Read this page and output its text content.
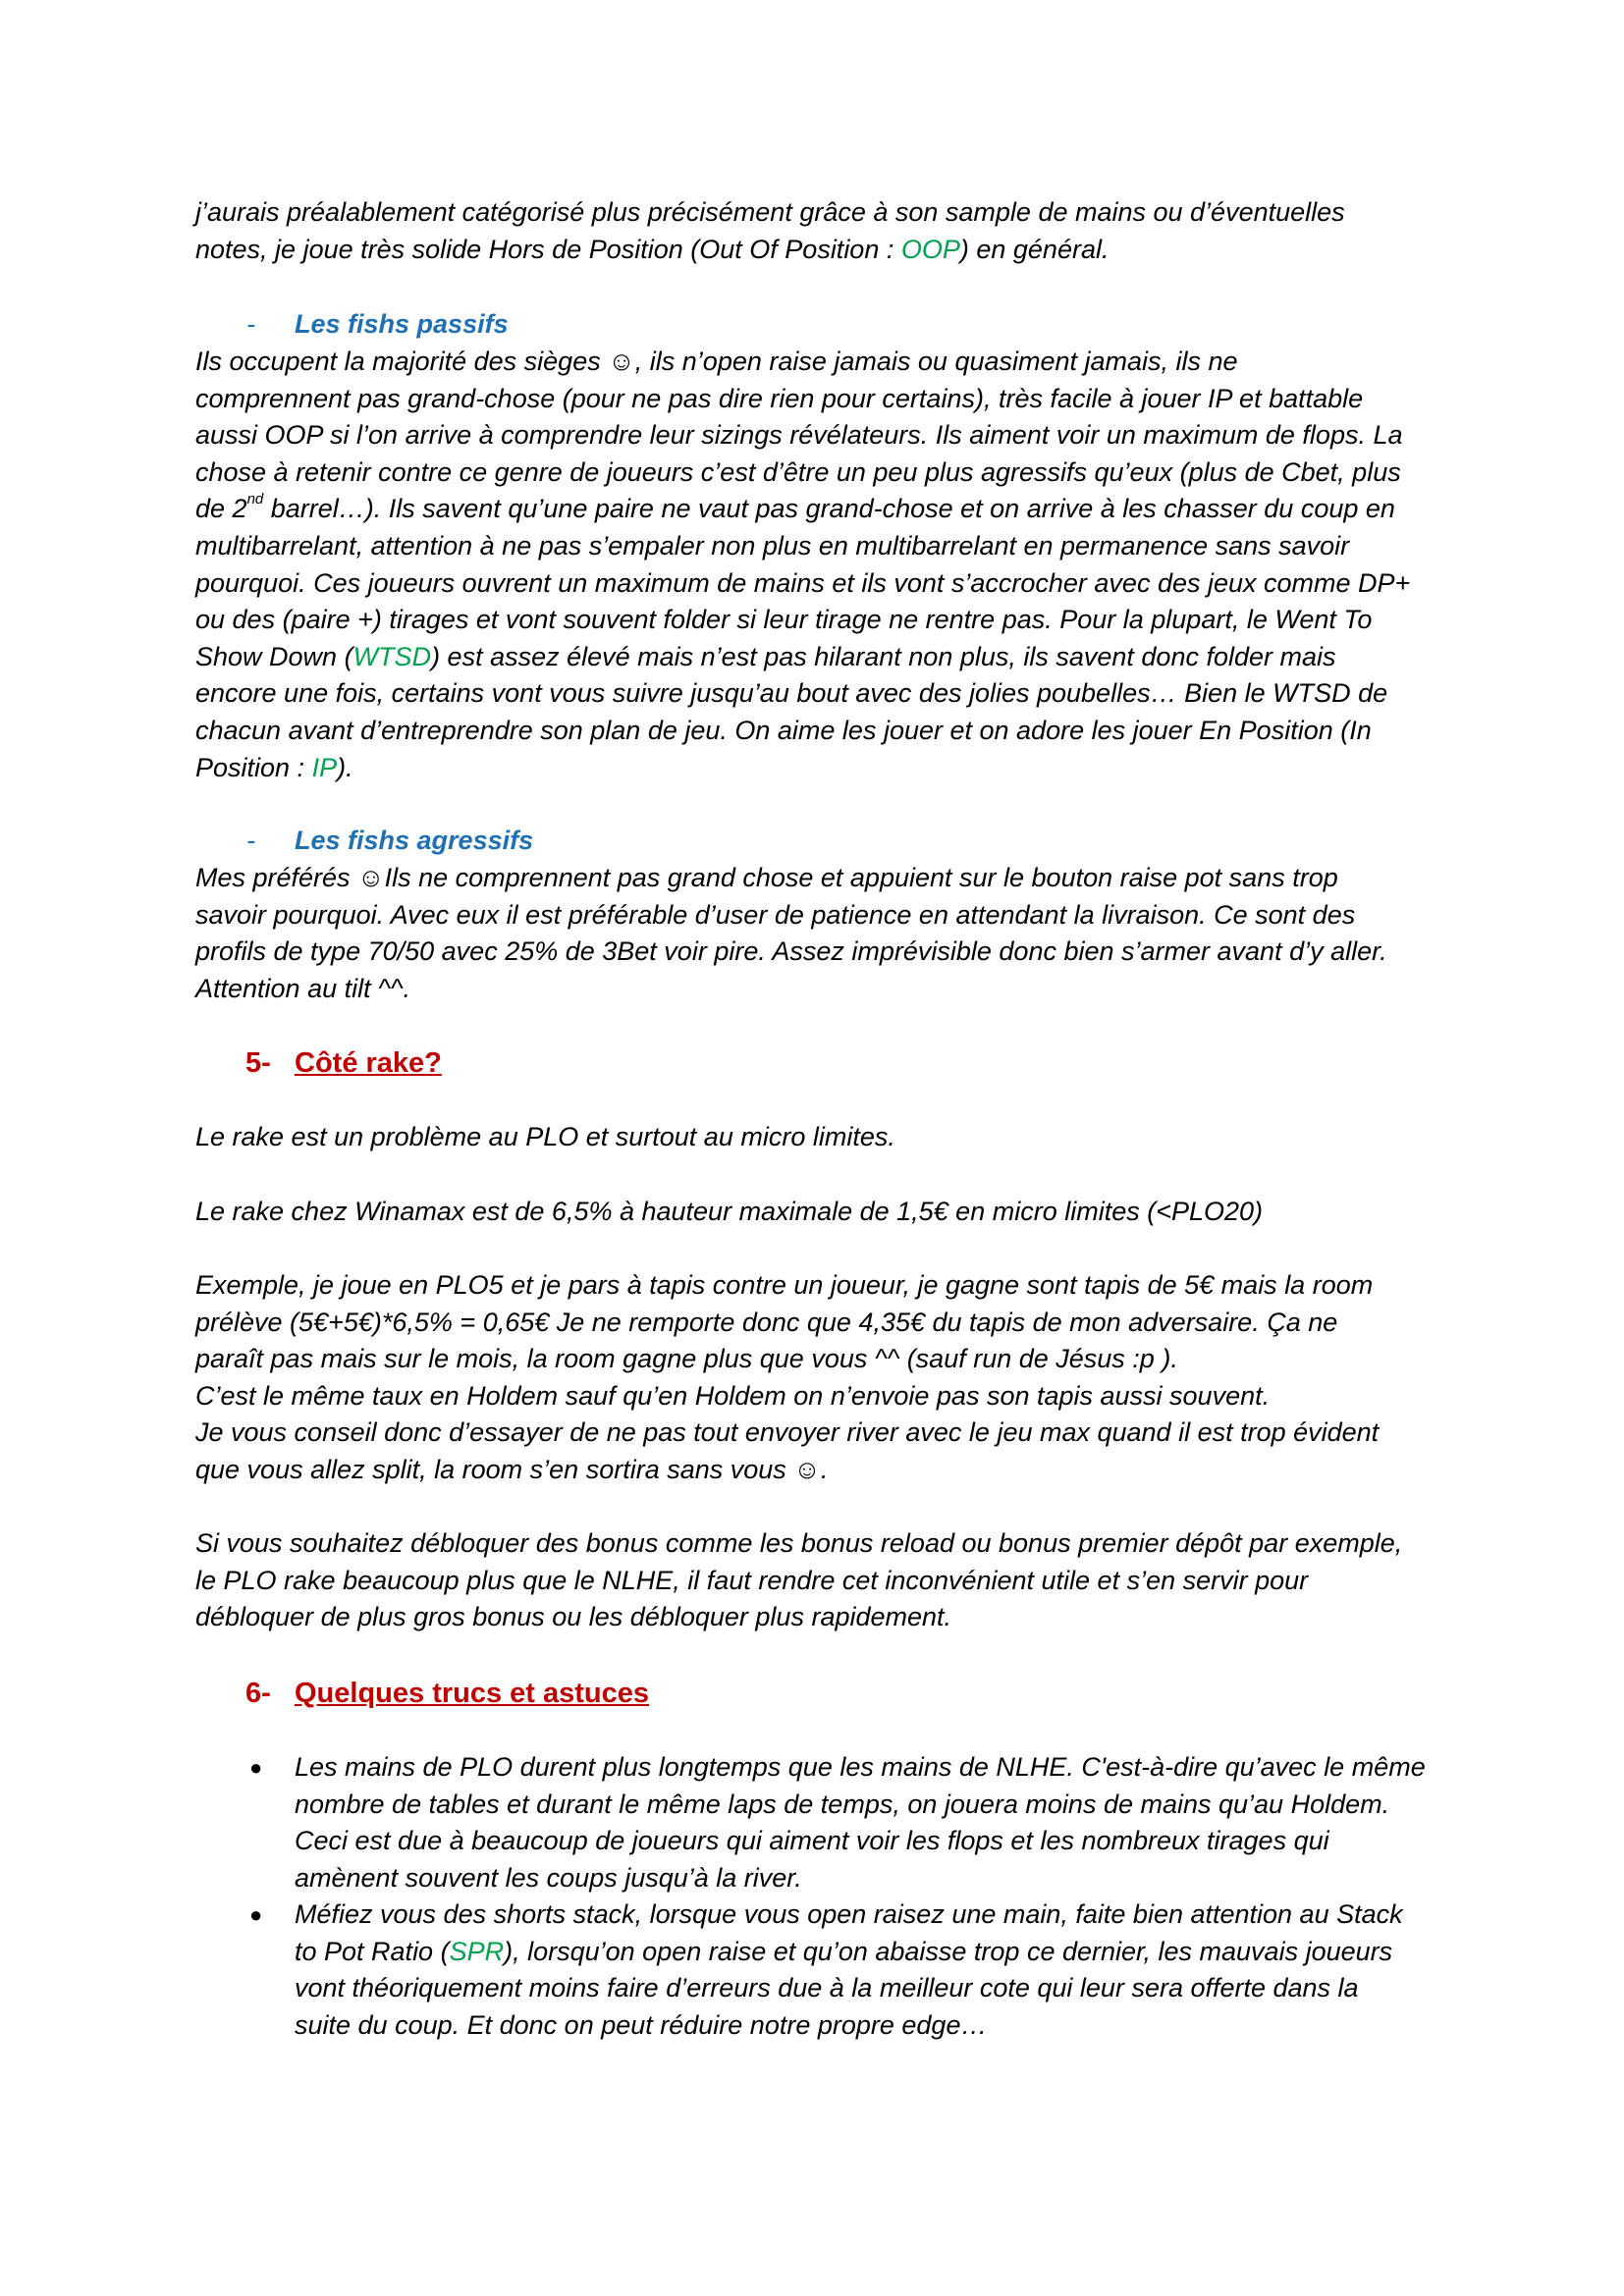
j’aurais préalablement catégorisé plus précisément grâce à son sample de mains ou d’éventuelles
notes, je joue très solide Hors de Position (Out Of Position : OOP) en général.
- Les fishs passifs
Ils occupent la majorité des sièges ☺, ils n’open raise jamais ou quasiment jamais, ils ne
comprennent pas grand-chose (pour ne pas dire rien pour certains), très facile à jouer IP et battable
aussi OOP si l’on arrive à comprendre leur sizings révélateurs. Ils aiment voir un maximum de flops. La
chose à retenir contre ce genre de joueurs c’est d’être un peu plus agressifs qu’eux (plus de Cbet, plus
de 2nd barrel…). Ils savent qu’une paire ne vaut pas grand-chose et on arrive à les chasser du coup en
multibarrelant, attention à ne pas s’empaler non plus en multibarrelant en permanence sans savoir
pourquoi. Ces joueurs ouvrent un maximum de mains et ils vont s’accrocher avec des jeux comme DP+
ou des (paire +) tirages et vont souvent folder si leur tirage ne rentre pas. Pour la plupart, le Went To
Show Down (WTSD) est assez élevé mais n’est pas hilarant non plus, ils savent donc folder mais
encore une fois, certains vont vous suivre jusqu’au bout avec des jolies poubelles… Bien le WTSD de
chacun avant d’entreprendre son plan de jeu. On aime les jouer et on adore les jouer En Position (In
Position : IP).
- Les fishs agressifs
Mes préférés ☺Ils ne comprennent pas grand chose et appuient sur le bouton raise pot sans trop
savoir pourquoi. Avec eux il est préférable d’user de patience en attendant la livraison. Ce sont des
profils de type 70/50 avec 25% de 3Bet voir pire. Assez imprévisible donc bien s’armer avant d’y aller.
Attention au tilt ^^.
5- Côté rake?
Le rake est un problème au PLO et surtout au micro limites.
Le rake chez Winamax est de 6,5% à hauteur maximale de 1,5€ en micro limites (<PLO20)
Exemple, je joue en PLO5 et je pars à tapis contre un joueur, je gagne sont tapis de 5€ mais la room
prélève (5€+5€)*6,5% = 0,65€ Je ne remporte donc que 4,35€ du tapis de mon adversaire. Ça ne
paraît pas mais sur le mois, la room gagne plus que vous ^^ (sauf run de Jésus :p ).
C’est le même taux en Holdem sauf qu’en Holdem on n’envoie pas son tapis aussi souvent.
Je vous conseil donc d’essayer de ne pas tout envoyer river avec le jeu max quand il est trop évident
que vous allez split, la room s’en sortira sans vous ☺.
Si vous souhaitez débloquer des bonus comme les bonus reload ou bonus premier dépôt par exemple,
le PLO rake beaucoup plus que le NLHE, il faut rendre cet inconvénient utile et s’en servir pour
débloquer de plus gros bonus ou les débloquer plus rapidement.
6- Quelques trucs et astuces
● Les mains de PLO durent plus longtemps que les mains de NLHE. C'est-à-dire qu’avec le même
nombre de tables et durant le même laps de temps, on jouera moins de mains qu’au Holdem.
Ceci est due à beaucoup de joueurs qui aiment voir les flops et les nombreux tirages qui
amènent souvent les coups jusqu’à la river.
● Méfiez vous des shorts stack, lorsque vous open raisez une main, faite bien attention au Stack
to Pot Ratio (SPR), lorsqu’on open raise et qu’on abaisse trop ce dernier, les mauvais joueurs
vont théoriquement moins faire d’erreurs due à la meilleur cote qui leur sera offerte dans la
suite du coup. Et donc on peut réduire notre propre edge…
